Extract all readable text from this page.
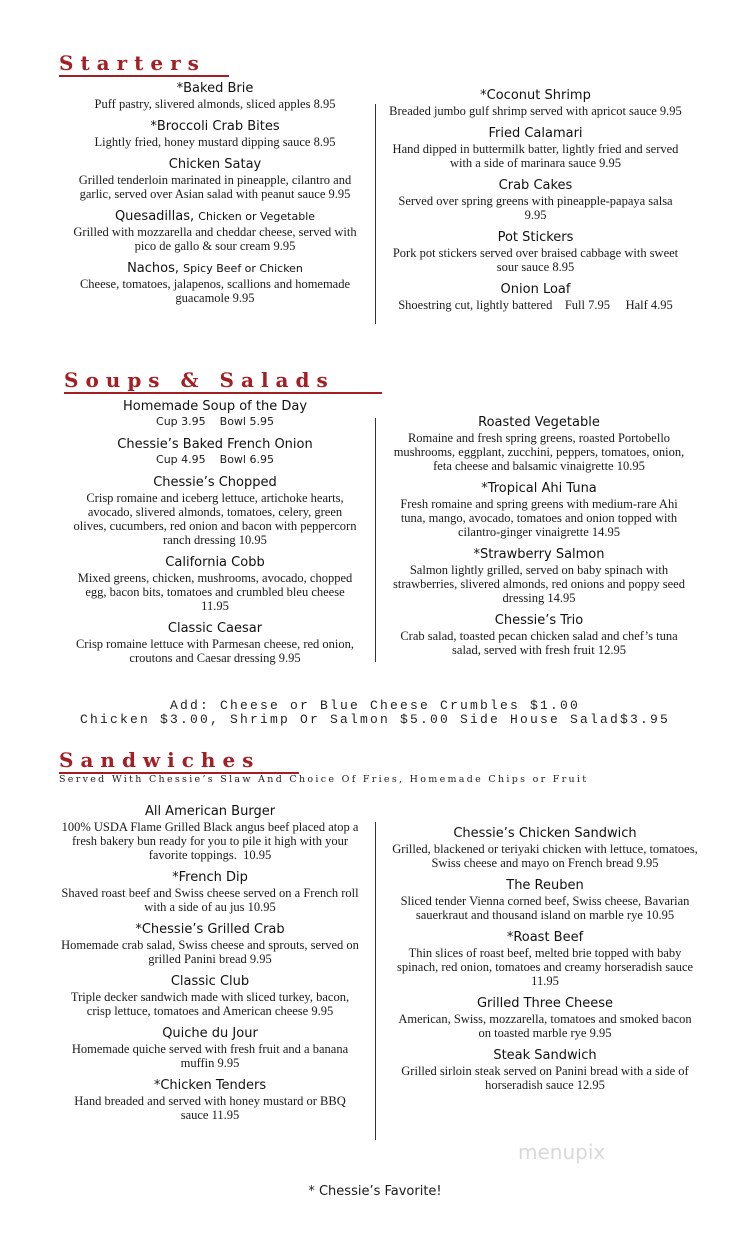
Starters
*Baked Brie
Puff pastry, slivered almonds, sliced apples 8.95
*Broccoli Crab Bites
Lightly fried, honey mustard dipping sauce 8.95
Chicken Satay
Grilled tenderloin marinated in pineapple, cilantro and garlic, served over Asian salad with peanut sauce 9.95
Quesadillas, Chicken or Vegetable
Grilled with mozzarella and cheddar cheese, served with pico de gallo & sour cream 9.95
Nachos, Spicy Beef or Chicken
Cheese, tomatoes, jalapenos, scallions and homemade guacamole 9.95
*Coconut Shrimp
Breaded jumbo gulf shrimp served with apricot sauce 9.95
Fried Calamari
Hand dipped in buttermilk batter, lightly fried and served with a side of marinara sauce 9.95
Crab Cakes
Served over spring greens with pineapple-papaya salsa 9.95
Pot Stickers
Pork pot stickers served over braised cabbage with sweet sour sauce 8.95
Onion Loaf
Shoestring cut, lightly battered    Full 7.95     Half 4.95
Soups & Salads
Homemade Soup of the Day
Cup 3.95    Bowl 5.95
Chessie’s Baked French Onion
Cup 4.95    Bowl 6.95
Chessie’s Chopped
Crisp romaine and iceberg lettuce, artichoke hearts, avocado, slivered almonds, tomatoes, celery, green olives, cucumbers, red onion and bacon with peppercorn ranch dressing 10.95
California Cobb
Mixed greens, chicken, mushrooms, avocado, chopped egg, bacon bits, tomatoes and crumbled bleu cheese 11.95
Classic Caesar
Crisp romaine lettuce with Parmesan cheese, red onion, croutons and Caesar dressing 9.95
Roasted Vegetable
Romaine and fresh spring greens, roasted Portobello mushrooms, eggplant, zucchini, peppers, tomatoes, onion, feta cheese and balsamic vinaigrette 10.95
*Tropical Ahi Tuna
Fresh romaine and spring greens with medium-rare Ahi tuna, mango, avocado, tomatoes and onion topped with cilantro-ginger vinaigrette 14.95
*Strawberry Salmon
Salmon lightly grilled, served on baby spinach with strawberries, slivered almonds, red onions and poppy seed dressing 14.95
Chessie’s Trio
Crab salad, toasted pecan chicken salad and chef’s tuna salad, served with fresh fruit 12.95
Add: Cheese or Blue Cheese Crumbles $1.00
Chicken $3.00, Shrimp Or Salmon $5.00 Side House Salad$3.95
Sandwiches
Served With Chessie’s Slaw And Choice Of Fries, Homemade Chips or Fruit
All American Burger
100% USDA Flame Grilled Black angus beef placed atop a fresh bakery bun ready for you to pile it high with your favorite toppings.  10.95
*French Dip
Shaved roast beef and Swiss cheese served on a French roll with a side of au jus 10.95
*Chessie’s Grilled Crab
Homemade crab salad, Swiss cheese and sprouts, served on grilled Panini bread 9.95
Classic Club
Triple decker sandwich made with sliced turkey, bacon, crisp lettuce, tomatoes and American cheese 9.95
Quiche du Jour
Homemade quiche served with fresh fruit and a banana muffin 9.95
*Chicken Tenders
Hand breaded and served with honey mustard or BBQ sauce 11.95
Chessie’s Chicken Sandwich
Grilled, blackened or teriyaki chicken with lettuce, tomatoes, Swiss cheese and mayo on French bread 9.95
The Reuben
Sliced tender Vienna corned beef, Swiss cheese, Bavarian sauerkraut and thousand island on marble rye 10.95
*Roast Beef
Thin slices of roast beef, melted brie topped with baby spinach, red onion, tomatoes and creamy horseradish sauce 11.95
Grilled Three Cheese
American, Swiss, mozzarella, tomatoes and smoked bacon on toasted marble rye 9.95
Steak Sandwich
Grilled sirloin steak served on Panini bread with a side of horseradish sauce 12.95
menupix
* Chessie’s Favorite!
